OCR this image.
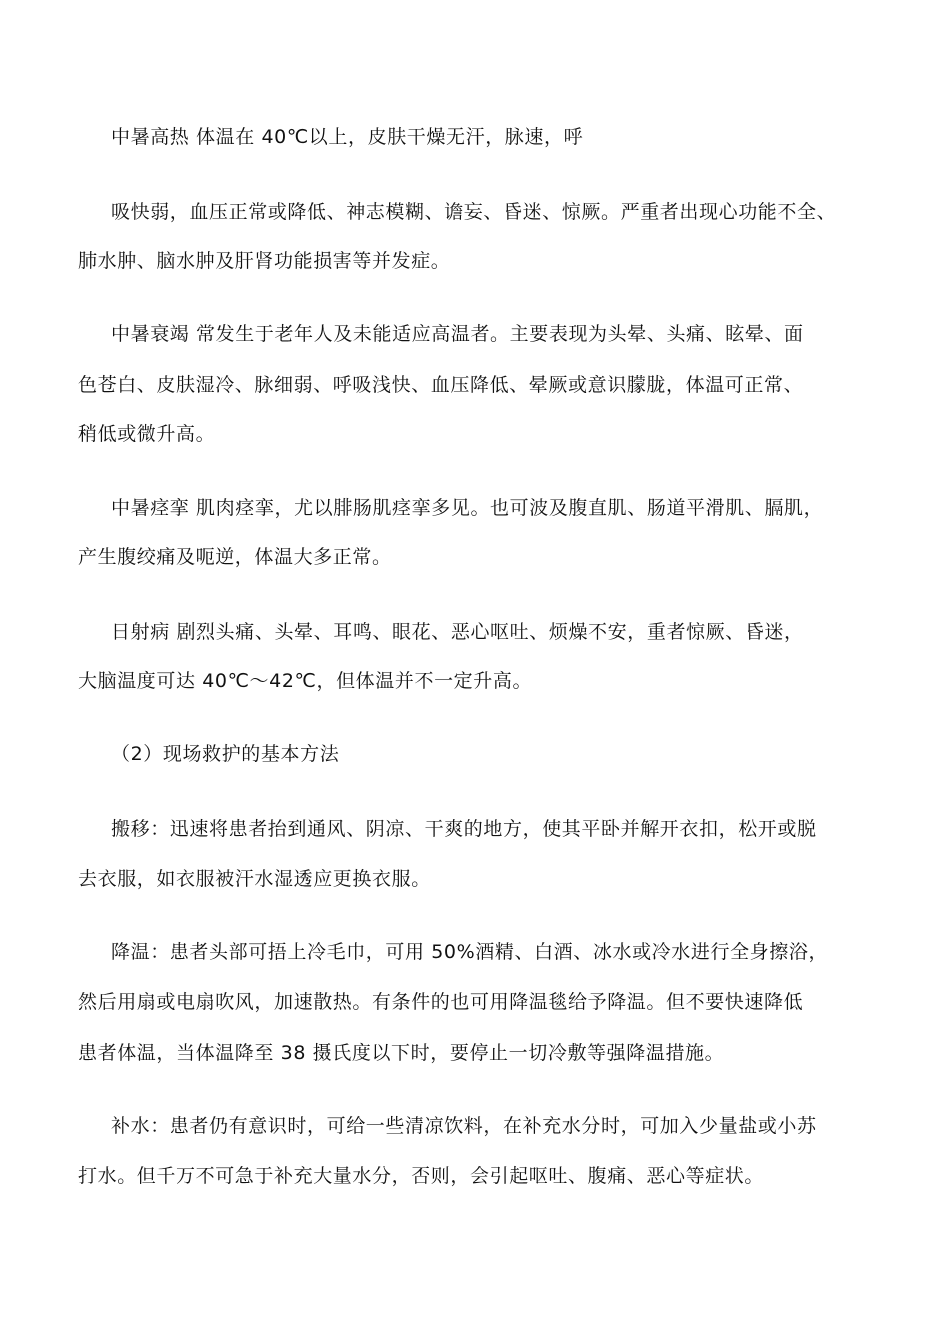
中暑高热 体温在 40℃以上，皮肤干燥无汗，脉速，呼
吸快弱，血压正常或降低、神志模糊、谵妄、昏迷、惊厥。严重者出现心功能不全、
肺水肿、脑水肿及肝肾功能损害等并发症。
中暑衰竭 常发生于老年人及未能适应高温者。主要表现为头晕、头痛、眩晕、面
色苍白、皮肤湿冷、脉细弱、呼吸浅快、血压降低、晕厥或意识朦胧，体温可正常、
稍低或微升高。
中暑痉挛 肌肉痉挛，尤以腓肠肌痉挛多见。也可波及腹直肌、肠道平滑肌、膈肌，
产生腹绞痛及呃逆，体温大多正常。
日射病 剧烈头痛、头晕、耳鸣、眼花、恶心呕吐、烦燥不安，重者惊厥、昏迷，
大脑温度可达 40℃～42℃，但体温并不一定升高。
（2）现场救护的基本方法
搬移：迅速将患者抬到通风、阴凉、干爽的地方，使其平卧并解开衣扣，松开或脱
去衣服，如衣服被汗水湿透应更换衣服。
降温：患者头部可捂上冷毛巾，可用 50%酒精、白酒、冰水或冷水进行全身擦浴，
然后用扇或电扇吹风，加速散热。有条件的也可用降温毯给予降温。但不要快速降低
患者体温，当体温降至 38 摄氏度以下时，要停止一切冷敷等强降温措施。
补水：患者仍有意识时，可给一些清凉饮料，在补充水分时，可加入少量盐或小苏
打水。但千万不可急于补充大量水分，否则，会引起呕吐、腹痛、恶心等症状。
